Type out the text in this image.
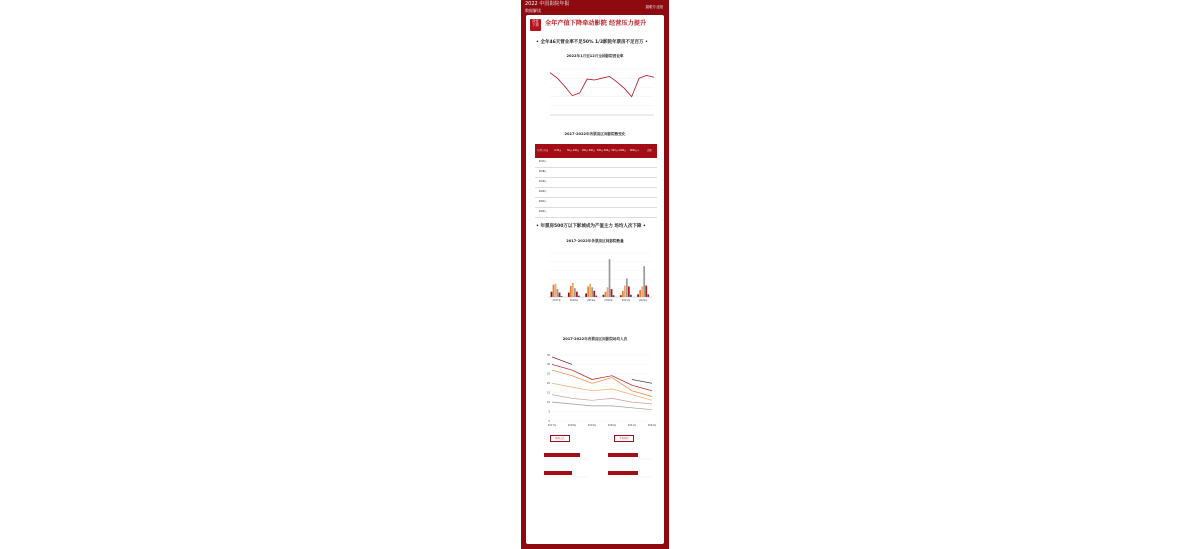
2022 中国影院年报
数据解读
猫眼专业版
经营
下滑	全年产值下降牵动影院 经营压力提升
• 全年46天营业率不足50% 1/3影院年票房不足百万 •
2022年1月至12月全国影院营业率
2017-2022年各票房区间影院数变化
年票房分布	0-50万	50万-100万	100万-300万	300万-500万	500万-1000万	1000万+	总数
2017年							
2018年							
2019年							
2020年							
2021年							
2022年							
• 年票房500万以下影城成为产值主力 场均人次下降 •
2017-2022年各票房区间影院数量
2017年	2018年	2019年	2020年	2021年	2022年
2017-2022年各票房区间影院场均人次
0
5
10
15
20
25
30
35
2017年	2018年	2019年	2020年	2021年	2022年
场均人次	平均票价
